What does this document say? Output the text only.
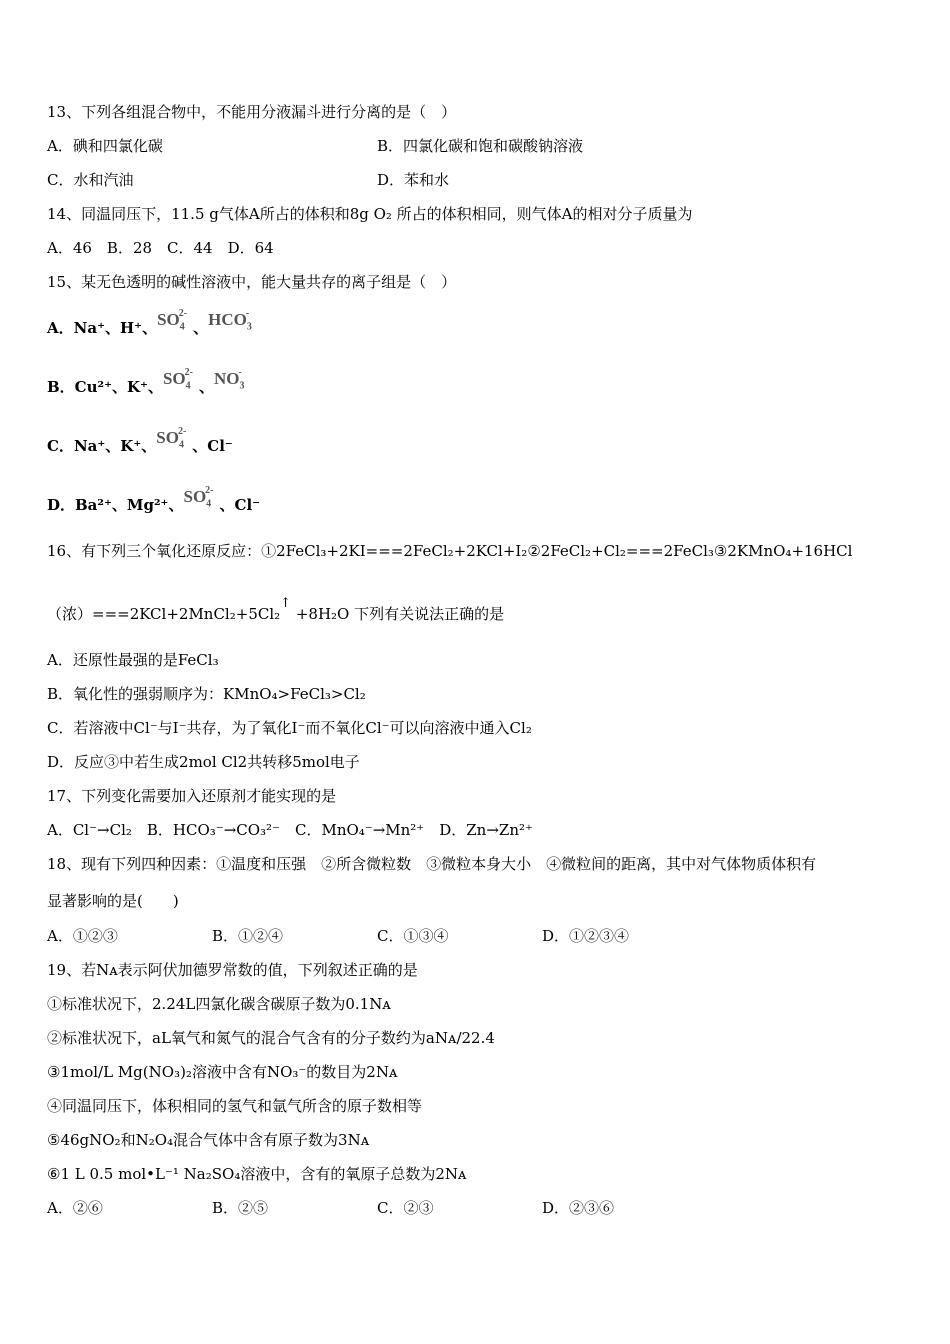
13、下列各组混合物中，不能用分液漏斗进行分离的是（　）
A．碘和四氯化碳	B．四氯化碳和饱和碳酸钠溶液
C．水和汽油	D．苯和水
14、同温同压下，11.5 g气体A所占的体积和8g O₂ 所占的体积相同，则气体A的相对分子质量为
A．46　B．28　C．44　D．64
15、某无色透明的碱性溶液中，能大量共存的离子组是（　）
A．Na⁺、H⁺、$SO_4^{2-}$、$HCO_3^-$
B．Cu²⁺、K⁺、$SO_4^{2-}$、$NO_3^-$
C．Na⁺、K⁺、$SO_4^{2-}$、Cl⁻
D．Ba²⁺、Mg²⁺、$SO_4^{2-}$、Cl⁻
16、有下列三个氧化还原反应：①2FeCl₃+2KI===2FeCl₂+2KCl+I₂②2FeCl₂+Cl₂===2FeCl₃③2KMnO₄+16HCl
（浓）===2KCl+2MnCl₂+5Cl₂↑ +8H₂O 下列有关说法正确的是
A．还原性最强的是FeCl₃
B．氧化性的强弱顺序为：KMnO₄>FeCl₃>Cl₂
C．若溶液中Cl⁻与I⁻共存，为了氧化I⁻而不氧化Cl⁻可以向溶液中通入Cl₂
D．反应③中若生成2mol Cl2共转移5mol电子
17、下列变化需要加入还原剂才能实现的是
A．Cl⁻→Cl₂　B．HCO₃⁻→CO₃²⁻　C．MnO₄⁻→Mn²⁺　D．Zn→Zn²⁺
18、现有下列四种因素：①温度和压强　②所含微粒数　③微粒本身大小　④微粒间的距离，其中对气体物质体积有
显著影响的是(　　)
A．①②③	B．①②④	C．①③④	D．①②③④
19、若Nᴀ表示阿伏加德罗常数的值，下列叙述正确的是
①标准状况下，2.24L四氯化碳含碳原子数为0.1Nᴀ
②标准状况下，aL氧气和氮气的混合气含有的分子数约为aNᴀ/22.4
③1mol/L Mg(NO₃)₂溶液中含有NO₃⁻的数目为2Nᴀ
④同温同压下，体积相同的氢气和氩气所含的原子数相等
⑤46gNO₂和N₂O₄混合气体中含有原子数为3Nᴀ
⑥1 L 0.5 mol•L⁻¹ Na₂SO₄溶液中，含有的氧原子总数为2Nᴀ
A．②⑥	B．②⑤	C．②③	D．②③⑥
